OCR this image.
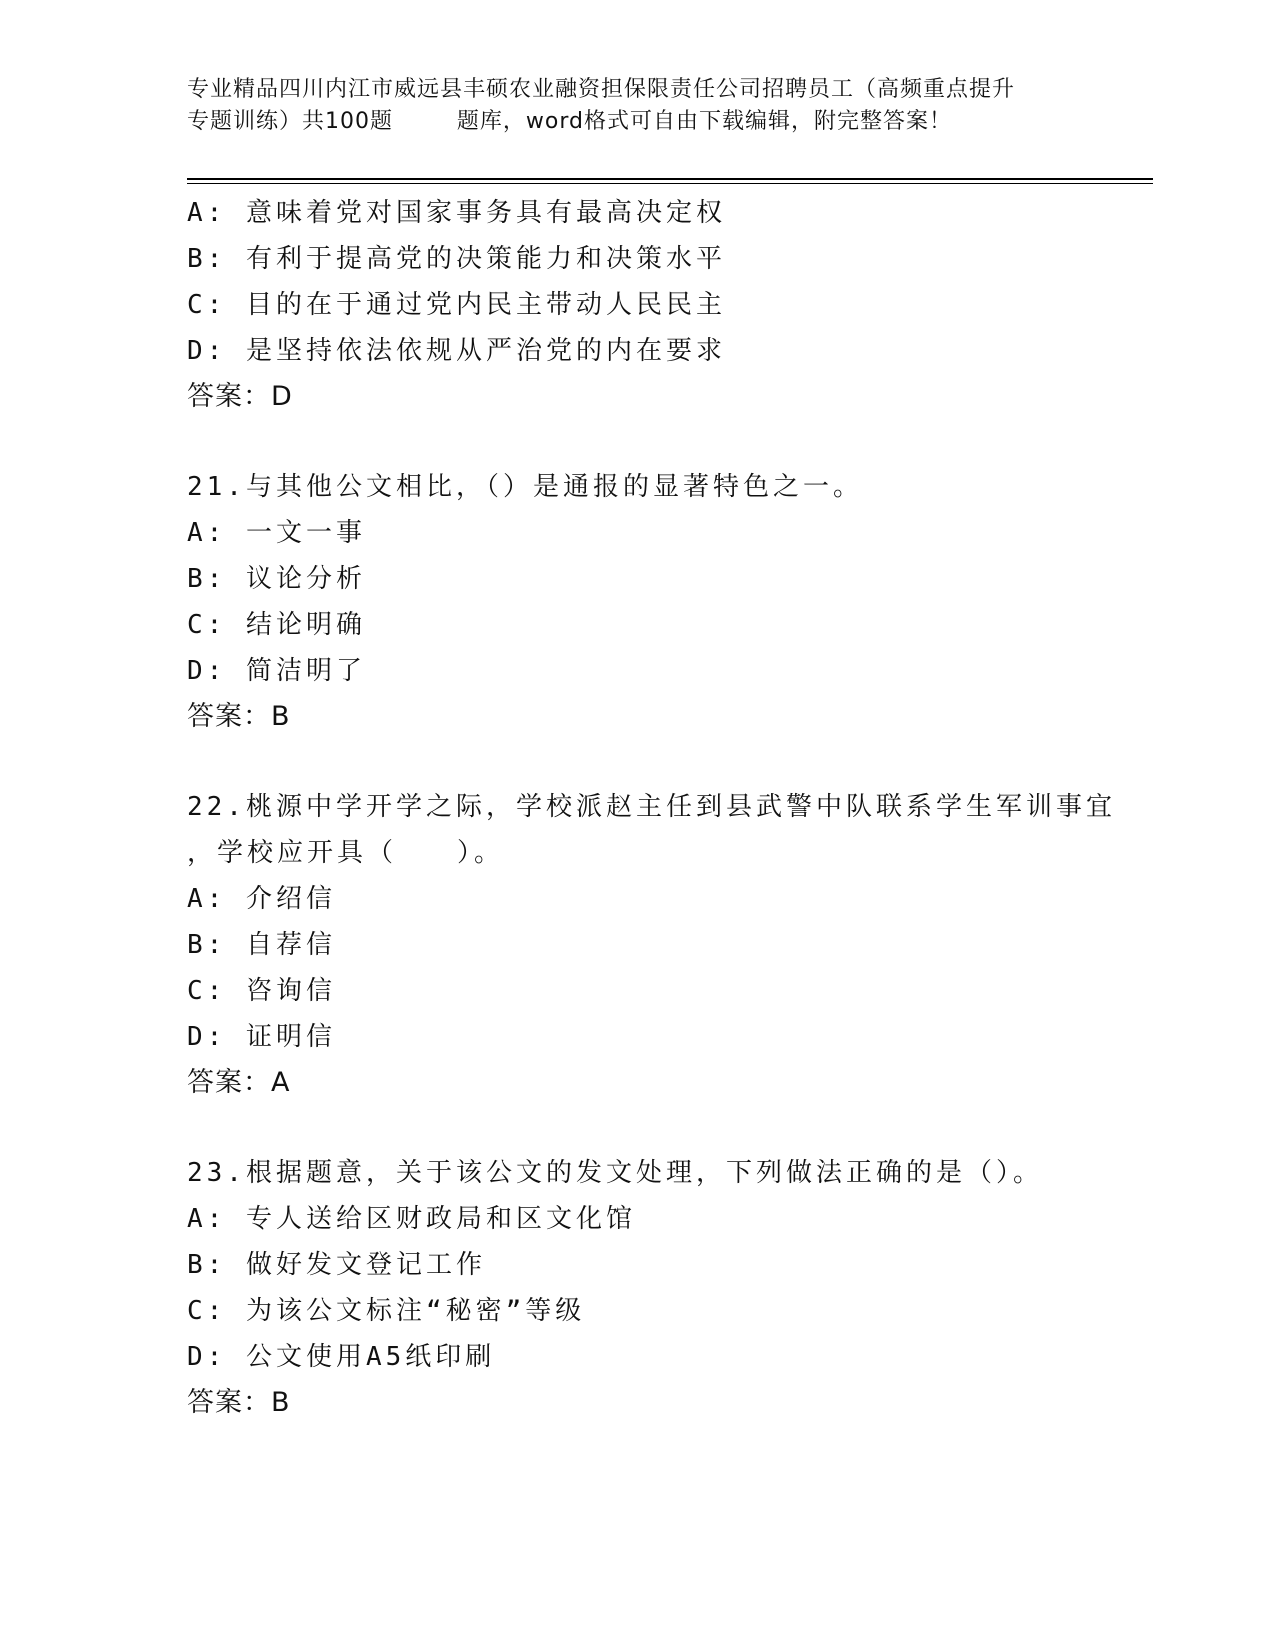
专业精品四川内江市威远县丰硕农业融资担保限责任公司招聘员工（高频重点提升
专题训练）共100题        题库，word格式可自由下载编辑，附完整答案！
A: 意味着党对国家事务具有最高决定权
B: 有利于提高党的决策能力和决策水平
C: 目的在于通过党内民主带动人民民主
D: 是坚持依法依规从严治党的内在要求
答案：D
21.与其他公文相比，（）是通报的显著特色之一。
A: 一文一事
B: 议论分析
C: 结论明确
D: 简洁明了
答案：B
22.桃源中学开学之际，学校派赵主任到县武警中队联系学生军训事宜
，学校应开具（　　）。
A: 介绍信
B: 自荐信
C: 咨询信
D: 证明信
答案：A
23.根据题意，关于该公文的发文处理，下列做法正确的是（）。
A: 专人送给区财政局和区文化馆
B: 做好发文登记工作
C: 为该公文标注“秘密”等级
D: 公文使用A5纸印刷
答案：B
